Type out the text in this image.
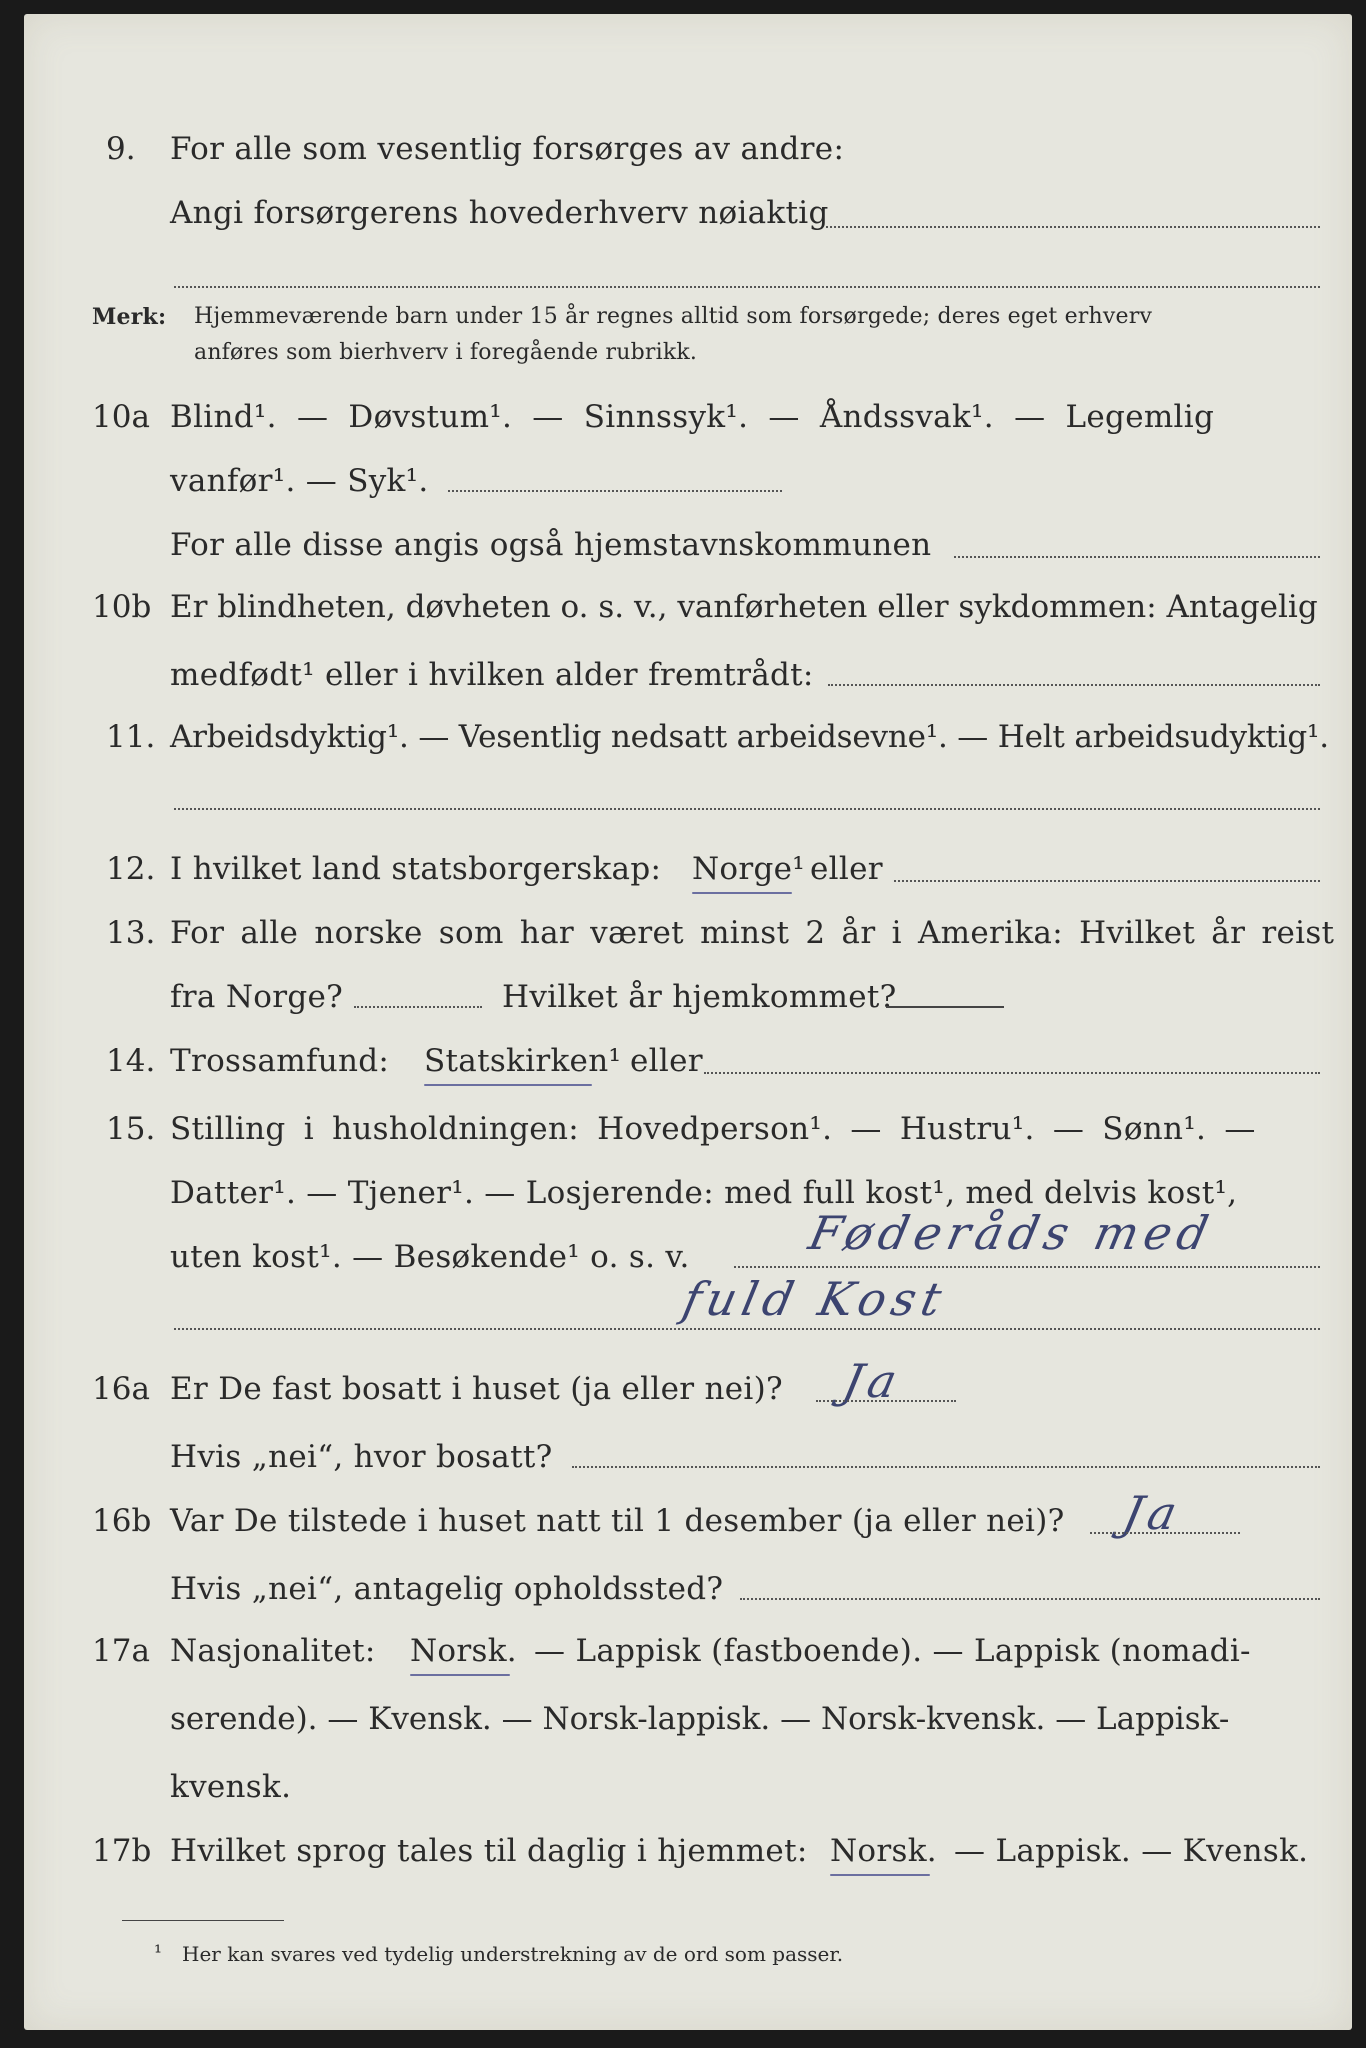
9. For alle som vesentlig forsørges av andre:
Angi forsørgerens hovederhverv nøiaktig
Merk: Hjemmeværende barn under 15 år regnes alltid som forsørgede; deres eget erhverv
anføres som bierhverv i foregående rubrikk.
10a Blind¹. — Døvstum¹. — Sinnssyk¹. — Åndssvak¹. — Legemlig
vanfør¹. — Syk¹.
For alle disse angis også hjemstavnskommunen
10b Er blindheten, døvheten o. s. v., vanførheten eller sykdommen: Antagelig
medfødt¹ eller i hvilken alder fremtrådt:
11. Arbeidsdyktig¹. — Vesentlig nedsatt arbeidsevne¹. — Helt arbeidsudyktig¹.
12. I hvilket land statsborgerskap: Norge¹ eller
13. For alle norske som har været minst 2 år i Amerika: Hvilket år reist
fra Norge?	Hvilket år hjemkommet?
14. Trossamfund: Statskirken¹ eller
15. Stilling i husholdningen: Hovedperson¹. — Hustru¹. — Sønn¹. —
Datter¹. — Tjener¹. — Losjerende: med full kost¹, med delvis kost¹,
uten kost¹. — Besøkende¹ o. s. v. Føderåds med
fuld Kost
16a Er De fast bosatt i huset (ja eller nei)? Ja
Hvis „nei“, hvor bosatt?
16b Var De tilstede i huset natt til 1 desember (ja eller nei)? Ja
Hvis „nei“, antagelig opholdssted?
17a Nasjonalitet: Norsk. — Lappisk (fastboende). — Lappisk (nomadi-
serende). — Kvensk. — Norsk-lappisk. — Norsk-kvensk. — Lappisk-
kvensk.
17b Hvilket sprog tales til daglig i hjemmet: Norsk. — Lappisk. — Kvensk.
¹ Her kan svares ved tydelig understrekning av de ord som passer.
